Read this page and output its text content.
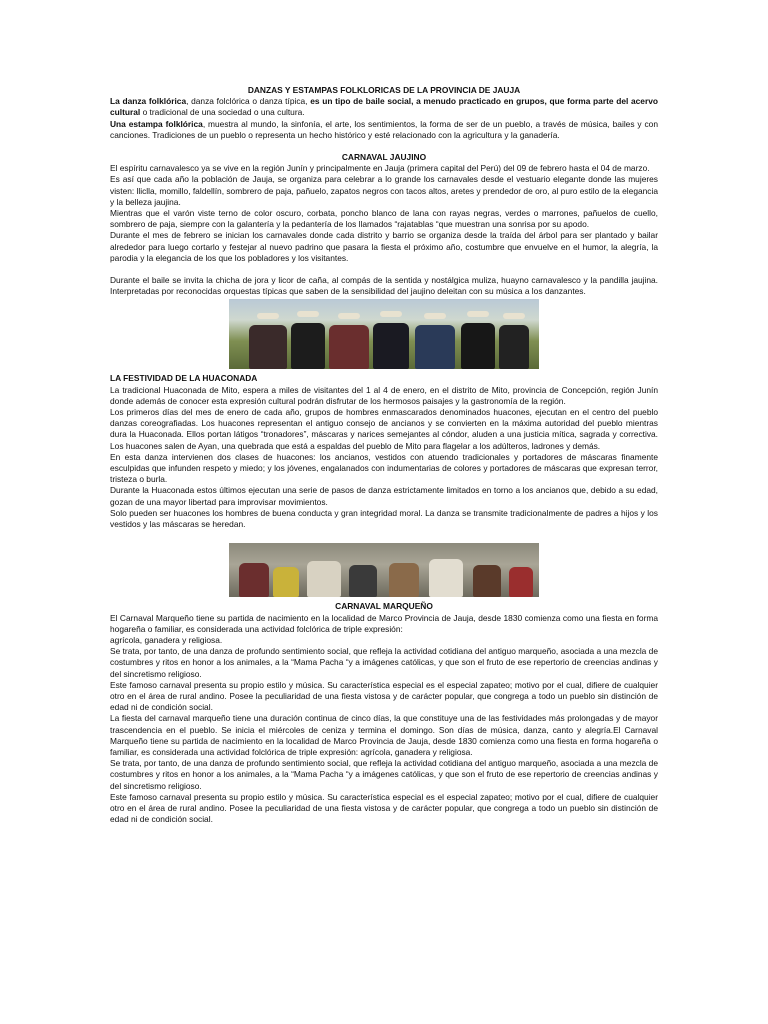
DANZAS Y ESTAMPAS FOLKLORICAS DE LA PROVINCIA DE JAUJA

La danza folklórica, danza folclórica o danza típica, es un tipo de baile social, a menudo practicado en grupos, que forma parte del acervo cultural o tradicional de una sociedad o una cultura.

Una estampa folklórica, muestra al mundo, la sinfonía, el arte, los sentimientos, la forma de ser de un pueblo, a través de música, bailes y con canciones. Tradiciones de un pueblo o representa un hecho histórico y esté relacionado con la agricultura y la ganadería.

CARNAVAL JAUJINO

El espíritu carnavalesco ya se vive en la región Junín y principalmente en Jauja (primera capital del Perú) del 09 de febrero hasta el 04 de marzo.

Es así que cada año la población de Jauja, se organiza para celebrar a lo grande los carnavales desde el vestuario elegante donde las mujeres visten: lliclla, momillo, faldellín, sombrero de paja, pañuelo, zapatos negros con tacos altos, aretes y prendedor de oro, al puro estilo de la elegancia y la belleza jaujina.

Mientras que el varón viste terno de color oscuro, corbata, poncho blanco de lana con rayas negras, verdes o marrones, pañuelos de cuello, sombrero de paja, siempre con la galantería y la pedantería de los llamados “rajatablas “que muestran una sonrisa por su apodo.

Durante el mes de febrero se inician los carnavales donde cada distrito y barrio se organiza desde la traída del árbol para ser plantado y bailar alrededor para luego cortarlo y festejar al nuevo padrino que pasara la fiesta el próximo año, costumbre que envuelve en el humor, la alegría, la parodia y la elegancia de los que los pobladores y los visitantes.

Durante el baile se invita la chicha de jora y licor de caña, al compás de la sentida y nostálgica muliza, huayno carnavalesco y la pandilla jaujina. Interpretadas por reconocidas orquestas típicas que saben de la sensibilidad del jaujino deleitan con su música a los danzantes.

LA FESTIVIDAD DE LA HUACONADA

La tradicional Huaconada de Mito, espera a miles de visitantes del 1 al 4 de enero, en el distrito de Mito, provincia de Concepción, región Junín donde además de conocer esta expresión cultural podrán disfrutar de los hermosos paisajes y la gastronomía de la región.

Los primeros días del mes de enero de cada año, grupos de hombres enmascarados denominados huacones, ejecutan en el centro del pueblo danzas coreografiadas. Los huacones representan el antiguo consejo de ancianos y se convierten en la máxima autoridad del pueblo mientras dura la Huaconada. Ellos portan látigos “tronadores”, máscaras y narices semejantes al cóndor, aluden a una justicia mítica, sagrada y correctiva. Los huacones salen de Ayan, una quebrada que está a espaldas del pueblo de Mito para flagelar a los adúlteros, ladrones y demás.

En esta danza intervienen dos clases de huacones: los ancianos, vestidos con atuendo tradicionales y portadores de máscaras finamente esculpidas que infunden respeto y miedo; y los jóvenes, engalanados con indumentarias de colores y portadores de máscaras que expresan terror, tristeza o burla.

Durante la Huaconada estos últimos ejecutan una serie de pasos de danza estrictamente limitados en torno a los ancianos que, debido a su edad, gozan de una mayor libertad para improvisar movimientos.

Solo pueden ser huacones los hombres de buena conducta y gran integridad moral. La danza se transmite tradicionalmente de padres a hijos y los vestidos y las máscaras se heredan.

CARNAVAL MARQUEÑO

El Carnaval Marqueño tiene su partida de nacimiento en la localidad de Marco Provincia de Jauja, desde 1830 comienza como una fiesta en forma hogareña o familiar, es considerada una actividad folclórica de triple expresión:

agrícola, ganadera y religiosa.

Se trata, por tanto, de una danza de profundo sentimiento social, que refleja la actividad cotidiana del antiguo marqueño, asociada a una mezcla de costumbres y ritos en honor a los animales, a la “Mama Pacha “y a imágenes católicas, y que son el fruto de ese repertorio de creencias andinas y del sincretismo religioso.

Este famoso carnaval presenta su propio estilo y música. Su característica especial es el especial zapateo; motivo por el cual, difiere de cualquier otro en el área de rural andino. Posee la peculiaridad de una fiesta vistosa y de carácter popular, que congrega a todo un pueblo sin distinción de edad ni de condición social.

La fiesta del carnaval marqueño tiene una duración continua de cinco días, la que constituye una de las festividades más prolongadas y de mayor trascendencia en el pueblo. Se inicia el miércoles de ceniza y termina el domingo. Son días de música, danza, canto y alegría.El Carnaval Marqueño tiene su partida de nacimiento en la localidad de Marco Provincia de Jauja, desde 1830 comienza como una fiesta en forma hogareña o familiar, es considerada una actividad folclórica de triple expresión: agrícola, ganadera y religiosa.

Se trata, por tanto, de una danza de profundo sentimiento social, que refleja la actividad cotidiana del antiguo marqueño, asociada a una mezcla de costumbres y ritos en honor a los animales, a la “Mama Pacha “y a imágenes católicas, y que son el fruto de ese repertorio de creencias andinas y del sincretismo religioso.

Este famoso carnaval presenta su propio estilo y música. Su característica especial es el especial zapateo; motivo por el cual, difiere de cualquier otro en el área de rural andino. Posee la peculiaridad de una fiesta vistosa y de carácter popular, que congrega a todo un pueblo sin distinción de edad ni de condición social.
